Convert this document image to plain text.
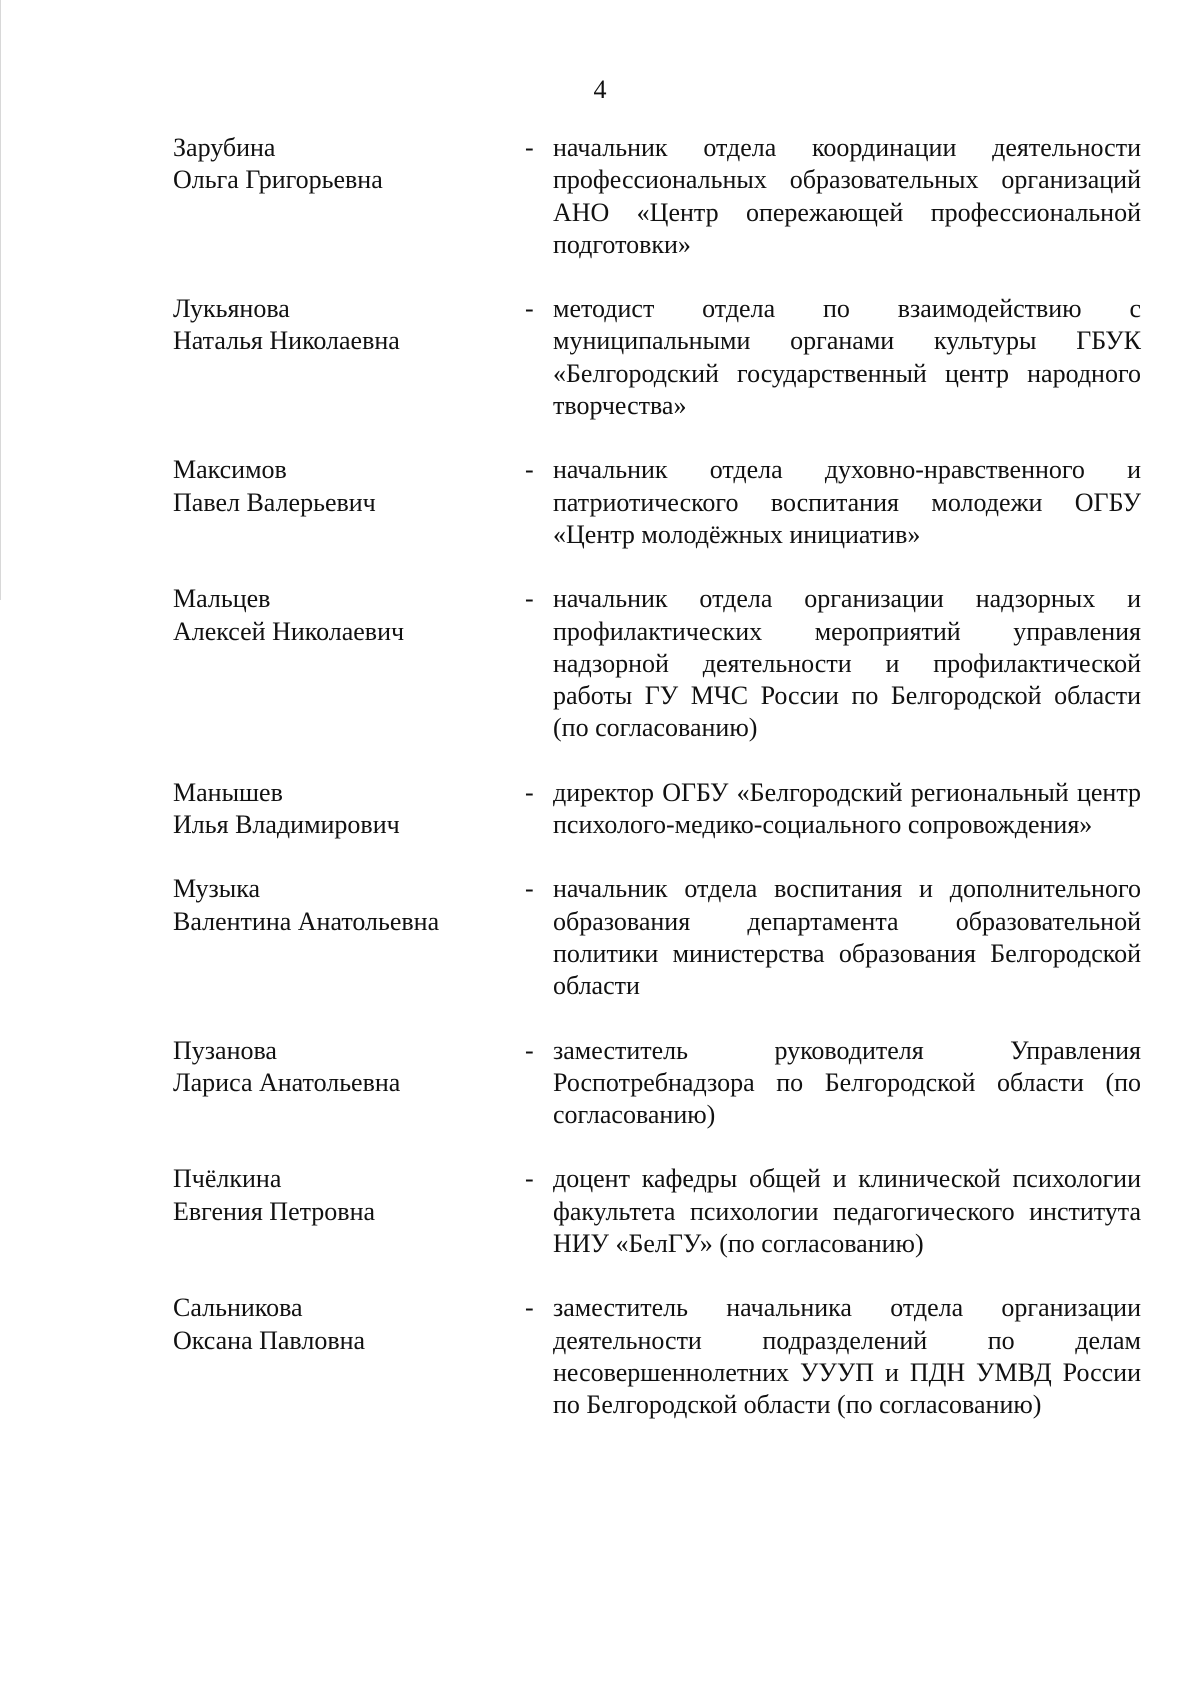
4
Зарубина
Ольга Григорьевна
- начальник отдела координации деятельности профессиональных образовательных организаций АНО «Центр опережающей профессиональной подготовки»
Лукьянова
Наталья Николаевна
- методист отдела по взаимодействию с муниципальными органами культуры ГБУК «Белгородский государственный центр народного творчества»
Максимов
Павел Валерьевич
- начальник отдела духовно-нравственного и патриотического воспитания молодежи ОГБУ «Центр молодёжных инициатив»
Мальцев
Алексей Николаевич
- начальник отдела организации надзорных и профилактических мероприятий управления надзорной деятельности и профилактической работы ГУ МЧС России по Белгородской области (по согласованию)
Манышев
Илья Владимирович
- директор ОГБУ «Белгородский региональный центр психолого-медико-социального сопровождения»
Музыка
Валентина Анатольевна
- начальник отдела воспитания и дополнительного образования департамента образовательной политики министерства образования Белгородской области
Пузанова
Лариса Анатольевна
- заместитель руководителя Управления Роспотребнадзора по Белгородской области (по согласованию)
Пчёлкина
Евгения Петровна
- доцент кафедры общей и клинической психологии факультета психологии педагогического института НИУ «БелГУ» (по согласованию)
Сальникова
Оксана Павловна
- заместитель начальника отдела организации деятельности подразделений по делам несовершеннолетних УУУП и ПДН УМВД России по Белгородской области (по согласованию)
